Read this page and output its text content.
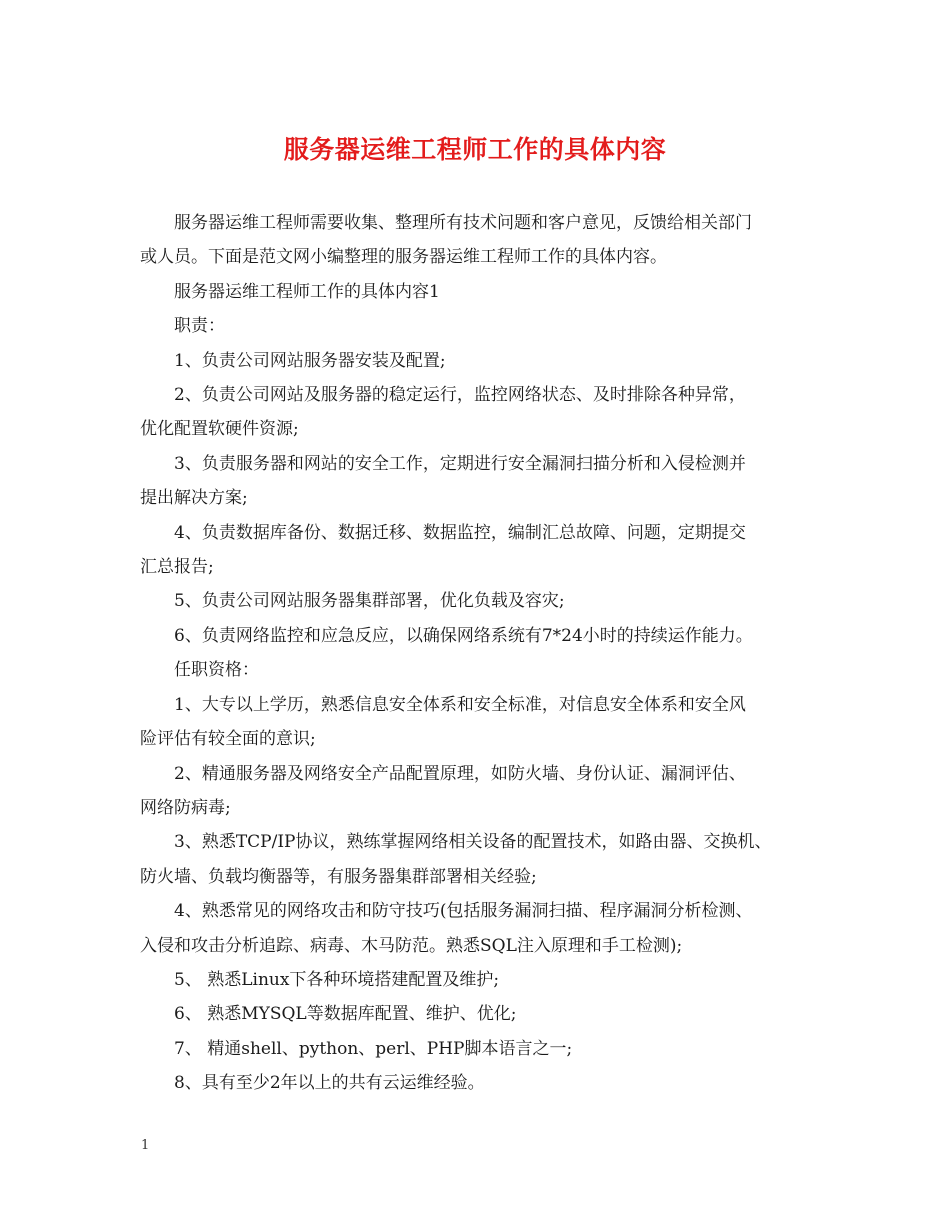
服务器运维工程师工作的具体内容

服务器运维工程师需要收集、整理所有技术问题和客户意见，反馈给相关部门

或人员。下面是范文网小编整理的服务器运维工程师工作的具体内容。

服务器运维工程师工作的具体内容1

职责：

1、负责公司网站服务器安装及配置;

2、负责公司网站及服务器的稳定运行，监控网络状态、及时排除各种异常，

优化配置软硬件资源;

3、负责服务器和网站的安全工作，定期进行安全漏洞扫描分析和入侵检测并

提出解决方案;

4、负责数据库备份、数据迁移、数据监控，编制汇总故障、问题，定期提交

汇总报告;

5、负责公司网站服务器集群部署，优化负载及容灾;

6、负责网络监控和应急反应，以确保网络系统有7*24小时的持续运作能力。

任职资格：

1、大专以上学历，熟悉信息安全体系和安全标准，对信息安全体系和安全风

险评估有较全面的意识;

2、精通服务器及网络安全产品配置原理，如防火墙、身份认证、漏洞评估、

网络防病毒;

3、熟悉TCP/IP协议，熟练掌握网络相关设备的配置技术，如路由器、交换机、

防火墙、负载均衡器等，有服务器集群部署相关经验;

4、熟悉常见的网络攻击和防守技巧(包括服务漏洞扫描、程序漏洞分析检测、

入侵和攻击分析追踪、病毒、木马防范。熟悉SQL注入原理和手工检测);

5、 熟悉Linux下各种环境搭建配置及维护;

6、 熟悉MYSQL等数据库配置、维护、优化;

7、 精通shell、python、perl、PHP脚本语言之一;

8、具有至少2年以上的共有云运维经验。

1
